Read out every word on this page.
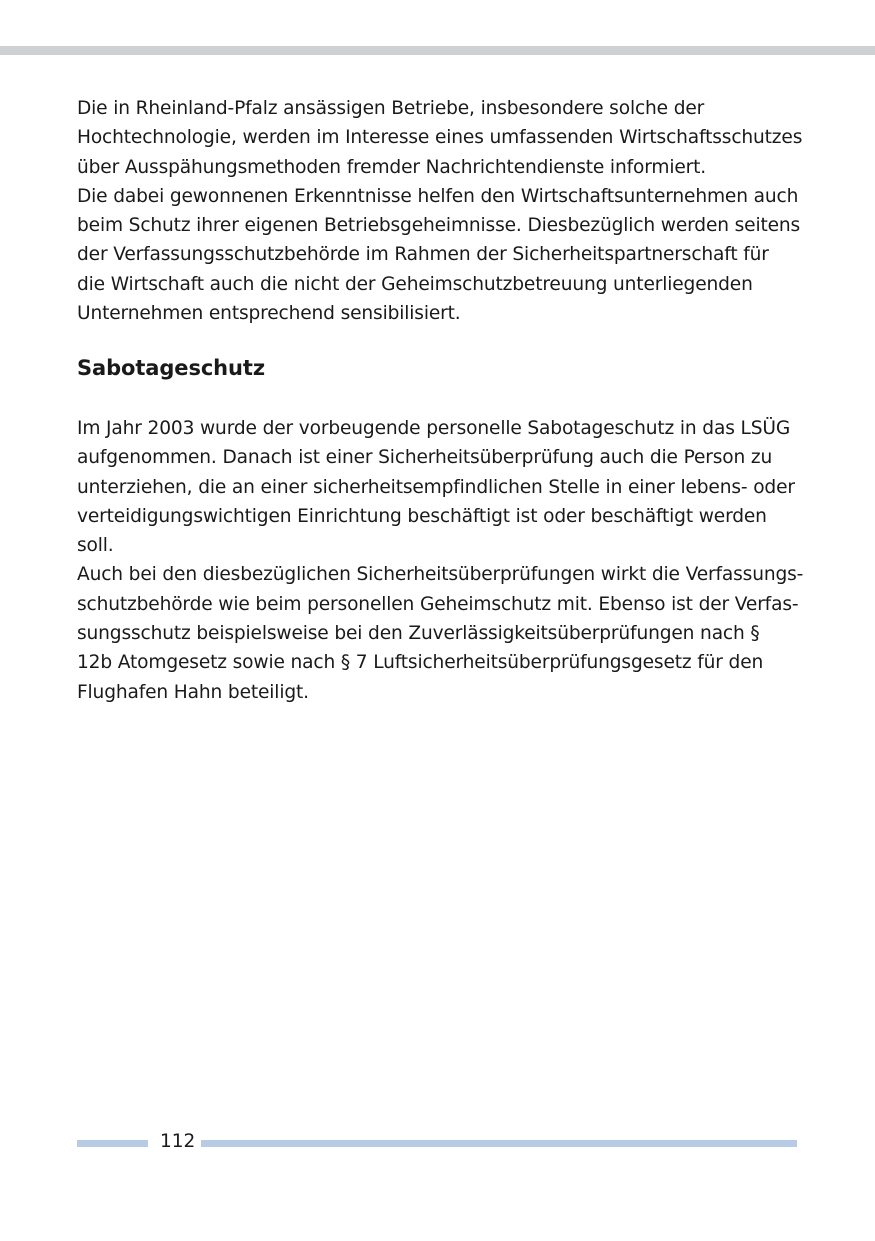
Die in Rheinland-Pfalz ansässigen Betriebe, insbesondere solche der
Hochtechnologie, werden im Interesse eines umfassenden Wirtschaftsschutzes
über Ausspähungsmethoden fremder Nachrichtendienste informiert.
Die dabei gewonnenen Erkenntnisse helfen den Wirtschaftsunternehmen auch
beim Schutz ihrer eigenen Betriebsgeheimnisse. Diesbezüglich werden seitens
der Verfassungsschutzbehörde im Rahmen der Sicherheitspartnerschaft für
die Wirtschaft auch die nicht der Geheimschutzbetreuung unterliegenden
Unternehmen entsprechend sensibilisiert.

Sabotageschutz

Im Jahr 2003 wurde der vorbeugende personelle Sabotageschutz in das LSÜG
aufgenommen. Danach ist einer Sicherheitsüberprüfung auch die Person zu
unterziehen, die an einer sicherheitsempfindlichen Stelle in einer lebens- oder
verteidigungswichtigen Einrichtung beschäftigt ist oder beschäftigt werden
soll.
Auch bei den diesbezüglichen Sicherheitsüberprüfungen wirkt die Verfassungs-
schutzbehörde wie beim personellen Geheimschutz mit. Ebenso ist der Verfas-
sungsschutz beispielsweise bei den Zuverlässigkeitsüberprüfungen nach §
12b Atomgesetz sowie nach § 7 Luftsicherheitsüberprüfungsgesetz für den
Flughafen Hahn beteiligt.

112
